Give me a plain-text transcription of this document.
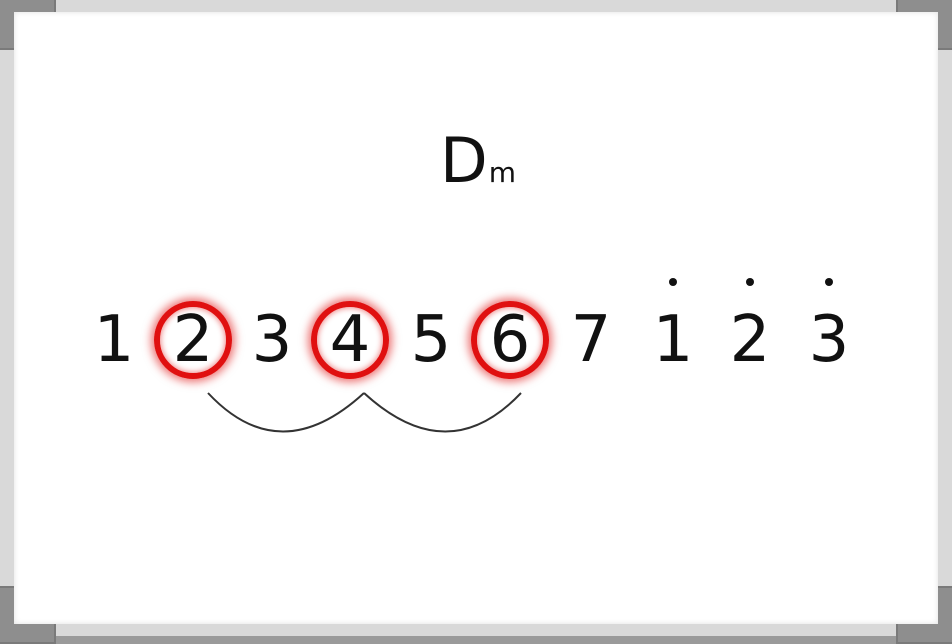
Dm
1 2 3 4 5 6 7 1 2 3
